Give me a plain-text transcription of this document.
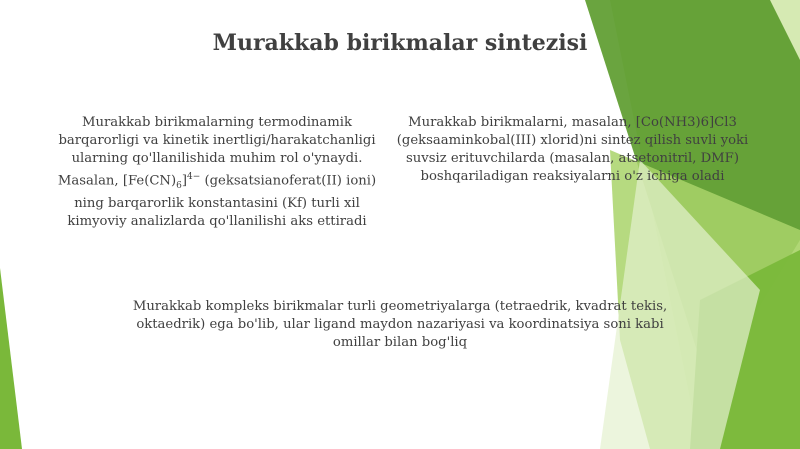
Murakkab birikmalar sintezisi
Murakkab birikmalarning termodinamik barqarorligi va kinetik inertligi/harakatchanligi ularning qo'llanilishida muhim rol o'ynaydi. Masalan, $[Fe(CN)_6]^{4-}$ (geksatsianoferat(II) ioni) ning barqarorlik konstantasini (Kf) turli xil kimyoviy analizlarda qo'llanilishi aks ettiradi
Murakkab birikmalarni, masalan, [Co(NH3)6]Cl3 (geksaaminkobal(III) xlorid)ni sintez qilish suvli yoki suvsiz erituvchilarda (masalan, atsetonitril, DMF) boshqariladigan reaksiyalarni o'z ichiga oladi
Murakkab kompleks birikmalar turli geometriyalarga (tetraedrik, kvadrat tekis, oktaedrik) ega bo'lib, ular ligand maydon nazariyasi va koordinatsiya soni kabi omillar bilan bog'liq
